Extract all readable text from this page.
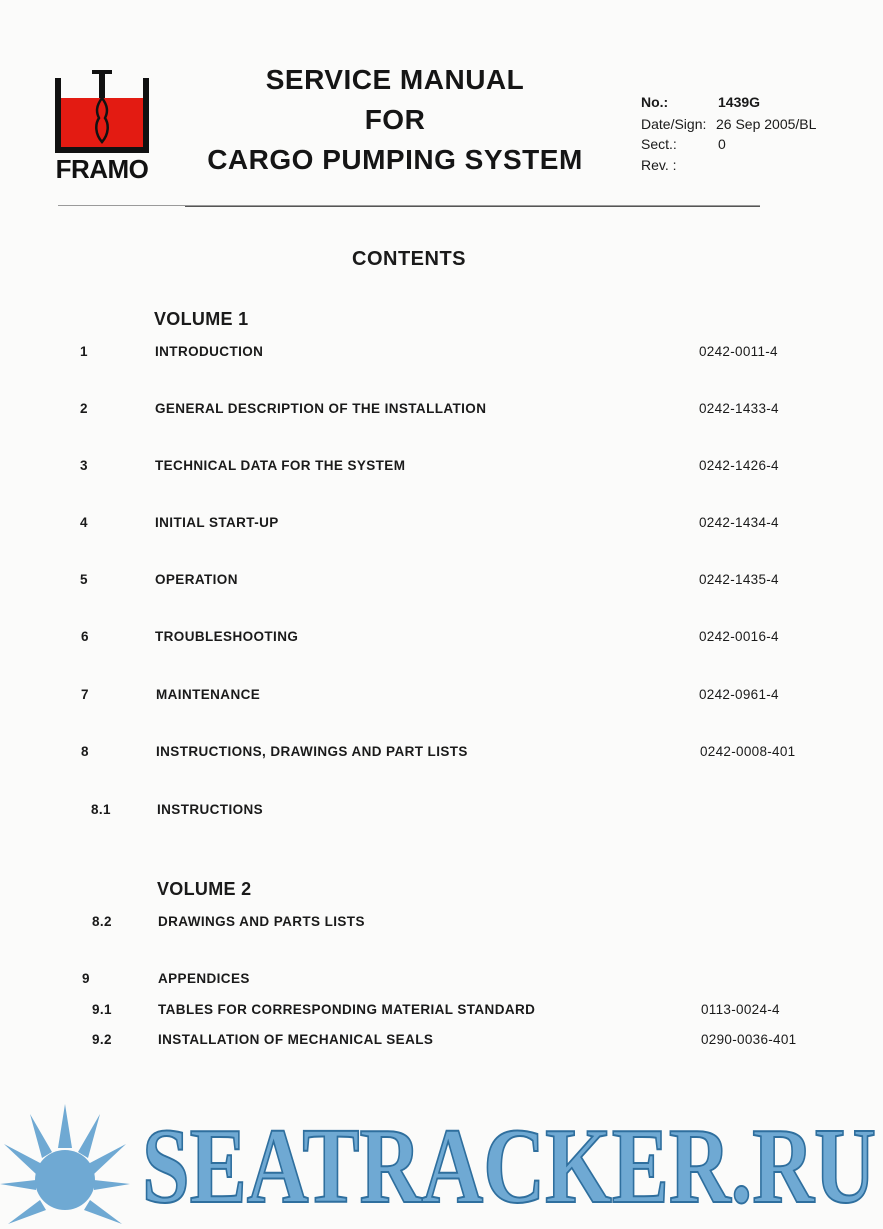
FRAMO
SERVICE MANUAL
FOR
CARGO PUMPING SYSTEM
No.:	1439G
Date/Sign: 26 Sep 2005/BL
Sect.:	0
Rev. :
CONTENTS
VOLUME 1
1	INTRODUCTION	0242-0011-4
2	GENERAL DESCRIPTION OF THE INSTALLATION	0242-1433-4
3	TECHNICAL DATA FOR THE SYSTEM	0242-1426-4
4	INITIAL START-UP	0242-1434-4
5	OPERATION	0242-1435-4
6	TROUBLESHOOTING	0242-0016-4
7	MAINTENANCE	0242-0961-4
8	INSTRUCTIONS, DRAWINGS AND PART LISTS	0242-0008-401
8.1	INSTRUCTIONS
VOLUME 2
8.2	DRAWINGS AND PARTS LISTS
9	APPENDICES
9.1	TABLES FOR CORRESPONDING MATERIAL STANDARD	0113-0024-4
9.2	INSTALLATION OF MECHANICAL SEALS	0290-0036-401
SEATRACKER.RU
